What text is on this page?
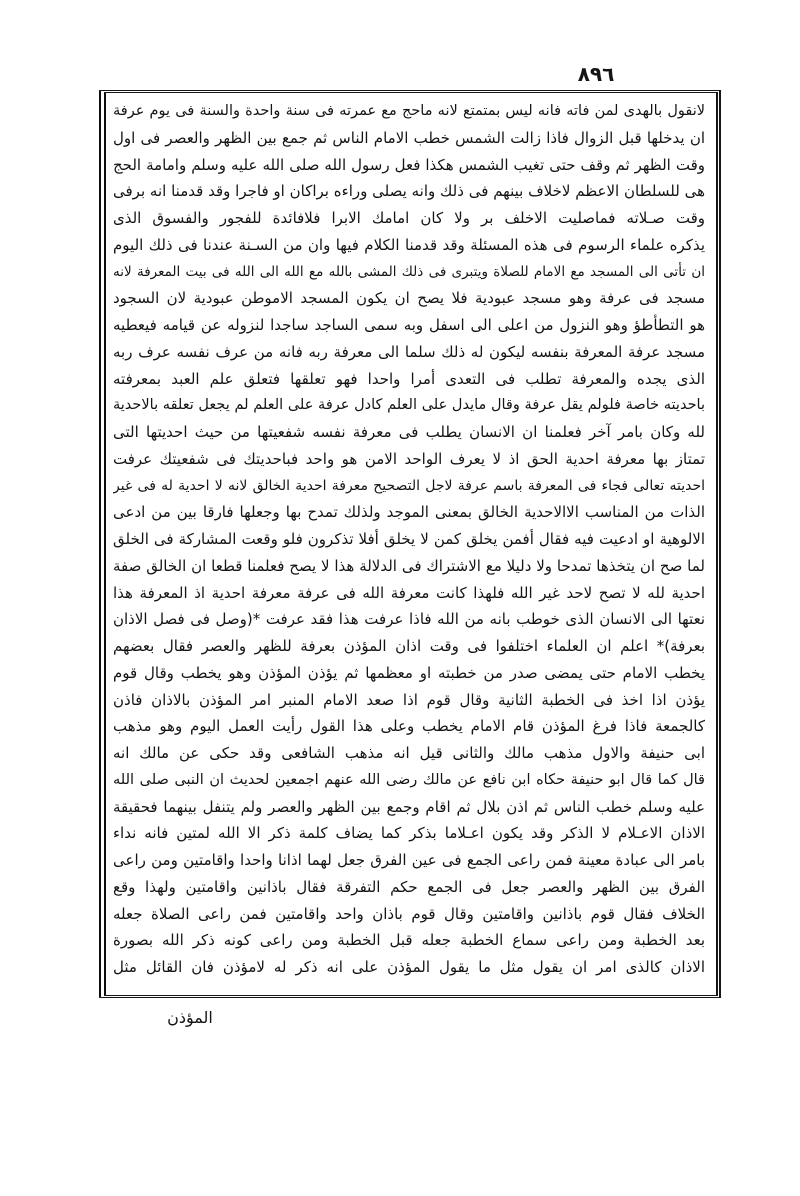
٨٩٦
لانقول بالهدى لمن فاته فانه ليس بمتمتع لانه ماحج مع عمرته فى سنة واحدة والسنة فى يوم عرفة
ان يدخلها قبل الزوال فاذا زالت الشمس خطب الامام الناس ثم جمع بين الظهر والعصر فى اول
وقت الظهر ثم وقف حتى تغيب الشمس هكذا فعل رسول الله صلى الله عليه وسلم وامامة الحج
هى للسلطان الاعظم لاخلاف بينهم فى ذلك وانه يصلى وراءه براكان او فاجرا وقد قدمنا انه برفى
وقت صـلاته فماصليت الاخلف بر ولا كان امامك الابرا فلافائدة للفجور والفسوق الذى
يذكره علماء الرسوم فى هذه المسئلة وقد قدمنا الكلام فيها وان من السـنة عندنا فى ذلك اليوم
ان تأتى الى المسجد مع الامام للصلاة ويتبرى فى ذلك المشى بالله مع الله الى الله فى بيت المعرفة لانه
مسجد فى عرفة وهو مسجد عبودية فلا يصح ان يكون المسجد الاموطن عبودية لان السجود
هو التطأطؤ وهو النزول من اعلى الى اسفل وبه سمى الساجد ساجدا لنزوله عن قيامه فيعطيه
مسجد عرفة المعرفة بنفسه ليكون له ذلك سلما الى معرفة ربه فانه من عرف نفسه عرف ربه
الذى يجده والمعرفة تطلب فى التعدى أمرا واحدا فهو تعلقها فتعلق علم العبد بمعرفته
باحديته خاصة فلولم يقل عرفة وقال مايدل على العلم كادل عرفة على العلم لم يجعل تعلقه بالاحدية
لله وكان بامر آخر فعلمنا ان الانسان يطلب فى معرفة نفسه شفعيتها من حيث احديتها التى
تمتاز بها معرفة احدية الحق اذ لا يعرف الواحد الامن هو واحد فباحديتك فى شفعيتك عرفت
احديته تعالى فجاء فى المعرفة باسم عرفة لاجل التصحيح معرفة احدية الخالق لانه لا احدية له فى غير
الذات من المناسب الاالاحدية الخالق بمعنى الموجد ولذلك تمدح بها وجعلها فارقا بين من ادعى
الالوهية او ادعيت فيه فقال أفمن يخلق كمن لا يخلق أفلا تذكرون فلو وقعت المشاركة فى الخلق
لما صح ان يتخذها تمدحا ولا دليلا مع الاشتراك فى الدلالة هذا لا يصح فعلمنا قطعا ان الخالق صفة
احدية لله لا تصح لاحد غير الله فلهذا كانت معرفة الله فى عرفة معرفة احدية اذ المعرفة هذا
نعتها الى الانسان الذى خوطب بانه من الله فاذا عرفت هذا فقد عرفت *(وصل فى فصل الاذان
بعرفة)* اعلم ان العلماء اختلفوا فى وقت اذان المؤذن بعرفة للظهر والعصر فقال بعضهم
يخطب الامام حتى يمضى صدر من خطبته او معظمها ثم يؤذن المؤذن وهو يخطب وقال قوم
يؤذن اذا اخذ فى الخطبة الثانية وقال قوم اذا صعد الامام المنبر امر المؤذن بالاذان فاذن
كالجمعة فاذا فرغ المؤذن قام الامام يخطب وعلى هذا القول رأيت العمل اليوم وهو مذهب
ابى حنيفة والاول مذهب مالك والثانى قيل انه مذهب الشافعى وقد حكى عن مالك انه
قال كما قال ابو حنيفة حكاه ابن نافع عن مالك رضى الله عنهم اجمعين لحديث ان النبى صلى الله
عليه وسلم خطب الناس ثم اذن بلال ثم اقام وجمع بين الظهر والعصر ولم يتنفل بينهما فحقيقة
الاذان الاعـلام لا الذكر وقد يكون اعـلاما بذكر كما يضاف كلمة ذكر الا الله لمتين فانه نداء
بامر الى عبادة معينة فمن راعى الجمع فى عين الفرق جعل لهما اذانا واحدا واقامتين ومن راعى
الفرق بين الظهر والعصر جعل فى الجمع حكم التفرقة فقال باذانين واقامتين ولهذا وقع
الخلاف فقال قوم باذانين واقامتين وقال قوم باذان واحد واقامتين فمن راعى الصلاة جعله
بعد الخطبة ومن راعى سماع الخطبة جعله قبل الخطبة ومن راعى كونه ذكر الله بصورة
الاذان كالذى امر ان يقول مثل ما يقول المؤذن على انه ذكر له لامؤذن فان القائل مثل
المؤذن
